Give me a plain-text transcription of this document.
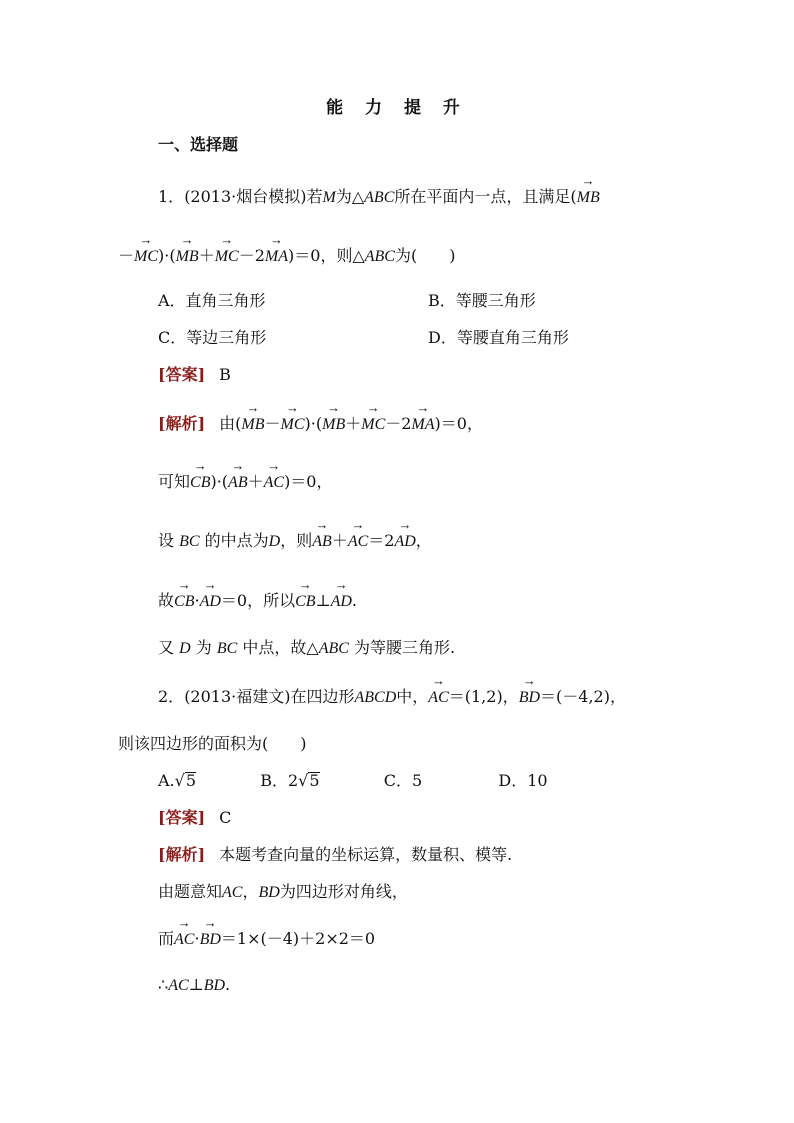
能 力 提 升
一、选择题
1．(2013·烟台模拟)若M为△ABC所在平面内一点，且满足(→ MB
－→ MC)·(→ MB＋→ MC－2→ MA)＝0，则△ABC为(　　)
A．直角三角形	B．等腰三角形
C．等边三角形	D．等腰直角三角形
[答案] B
[解析] 由(→ MB－→ MC)·(→ MB＋→ MC－2→ MA)＝0，
可知→ CB)·(→ AB＋→ AC)＝0，
设 BC 的中点为D，则→ AB＋→ AC＝2→ AD，
故→ CB·→ AD＝0，所以→ CB⊥→ AD.
又 D 为 BC 中点，故△ABC 为等腰三角形.
2．(2013·福建文)在四边形ABCD中，→ AC＝(1,2)，→ BD＝(－4,2)，
则该四边形的面积为(　　)
A.√5	B．2√5	C．5	D．10
[答案] C
[解析] 本题考查向量的坐标运算，数量积、模等.
由题意知AC，BD为四边形对角线，
而→ AC·→ BD＝1×(－4)＋2×2＝0
∴AC⊥BD.
